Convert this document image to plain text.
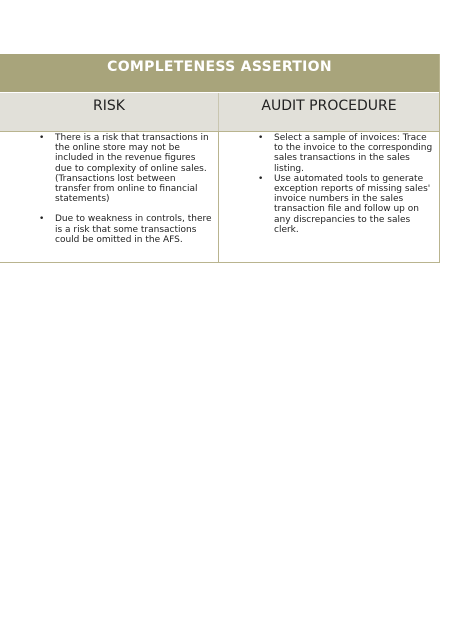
COMPLETENESS ASSERTION
RISK	AUDIT PROCEDURE

• There is a risk that transactions in the online store may not be included in the revenue figures due to complexity of online sales. (Transactions lost between transfer from online to financial statements)

• Due to weakness in controls, there is a risk that some transactions could be omitted in the AFS.

• Select a sample of invoices: Trace to the invoice to the corresponding sales transactions in the sales listing.

• Use automated tools to generate exception reports of missing sales' invoice numbers in the sales transaction file and follow up on any discrepancies to the sales clerk.
